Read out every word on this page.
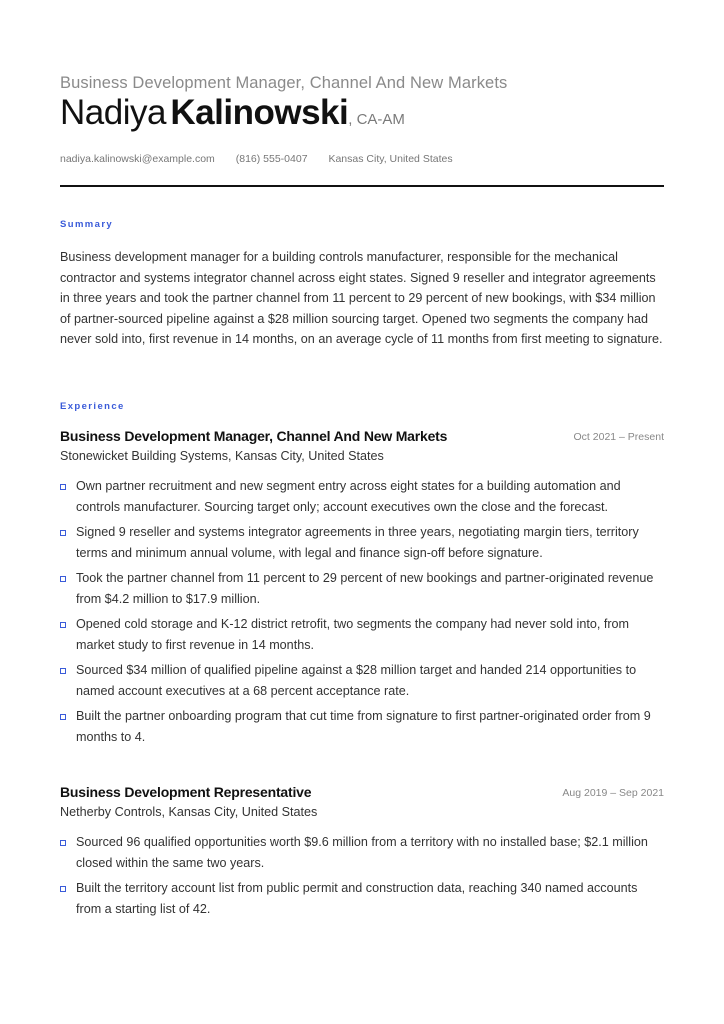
Business Development Manager, Channel And New Markets
Nadiya Kalinowski, CA-AM
nadiya.kalinowski@example.com (816) 555-0407 Kansas City, United States
Summary

Business development manager for a building controls manufacturer, responsible for the mechanical contractor and systems integrator channel across eight states. Signed 9 reseller and integrator agreements in three years and took the partner channel from 11 percent to 29 percent of new bookings, with $34 million of partner-sourced pipeline against a $28 million sourcing target. Opened two segments the company had never sold into, first revenue in 14 months, on an average cycle of 11 months from first meeting to signature.

Experience
Business Development Manager, Channel And New Markets	Oct 2021 – Present
Stonewicket Building Systems, Kansas City, United States
Own partner recruitment and new segment entry across eight states for a building automation and controls manufacturer. Sourcing target only; account executives own the close and the forecast.
Signed 9 reseller and systems integrator agreements in three years, negotiating margin tiers, territory terms and minimum annual volume, with legal and finance sign-off before signature.
Took the partner channel from 11 percent to 29 percent of new bookings and partner-originated revenue from $4.2 million to $17.9 million.
Opened cold storage and K-12 district retrofit, two segments the company had never sold into, from market study to first revenue in 14 months.
Sourced $34 million of qualified pipeline against a $28 million target and handed 214 opportunities to named account executives at a 68 percent acceptance rate.
Built the partner onboarding program that cut time from signature to first partner-originated order from 9 months to 4.
Business Development Representative	Aug 2019 – Sep 2021
Netherby Controls, Kansas City, United States
Sourced 96 qualified opportunities worth $9.6 million from a territory with no installed base; $2.1 million closed within the same two years.
Built the territory account list from public permit and construction data, reaching 340 named accounts from a starting list of 42.
